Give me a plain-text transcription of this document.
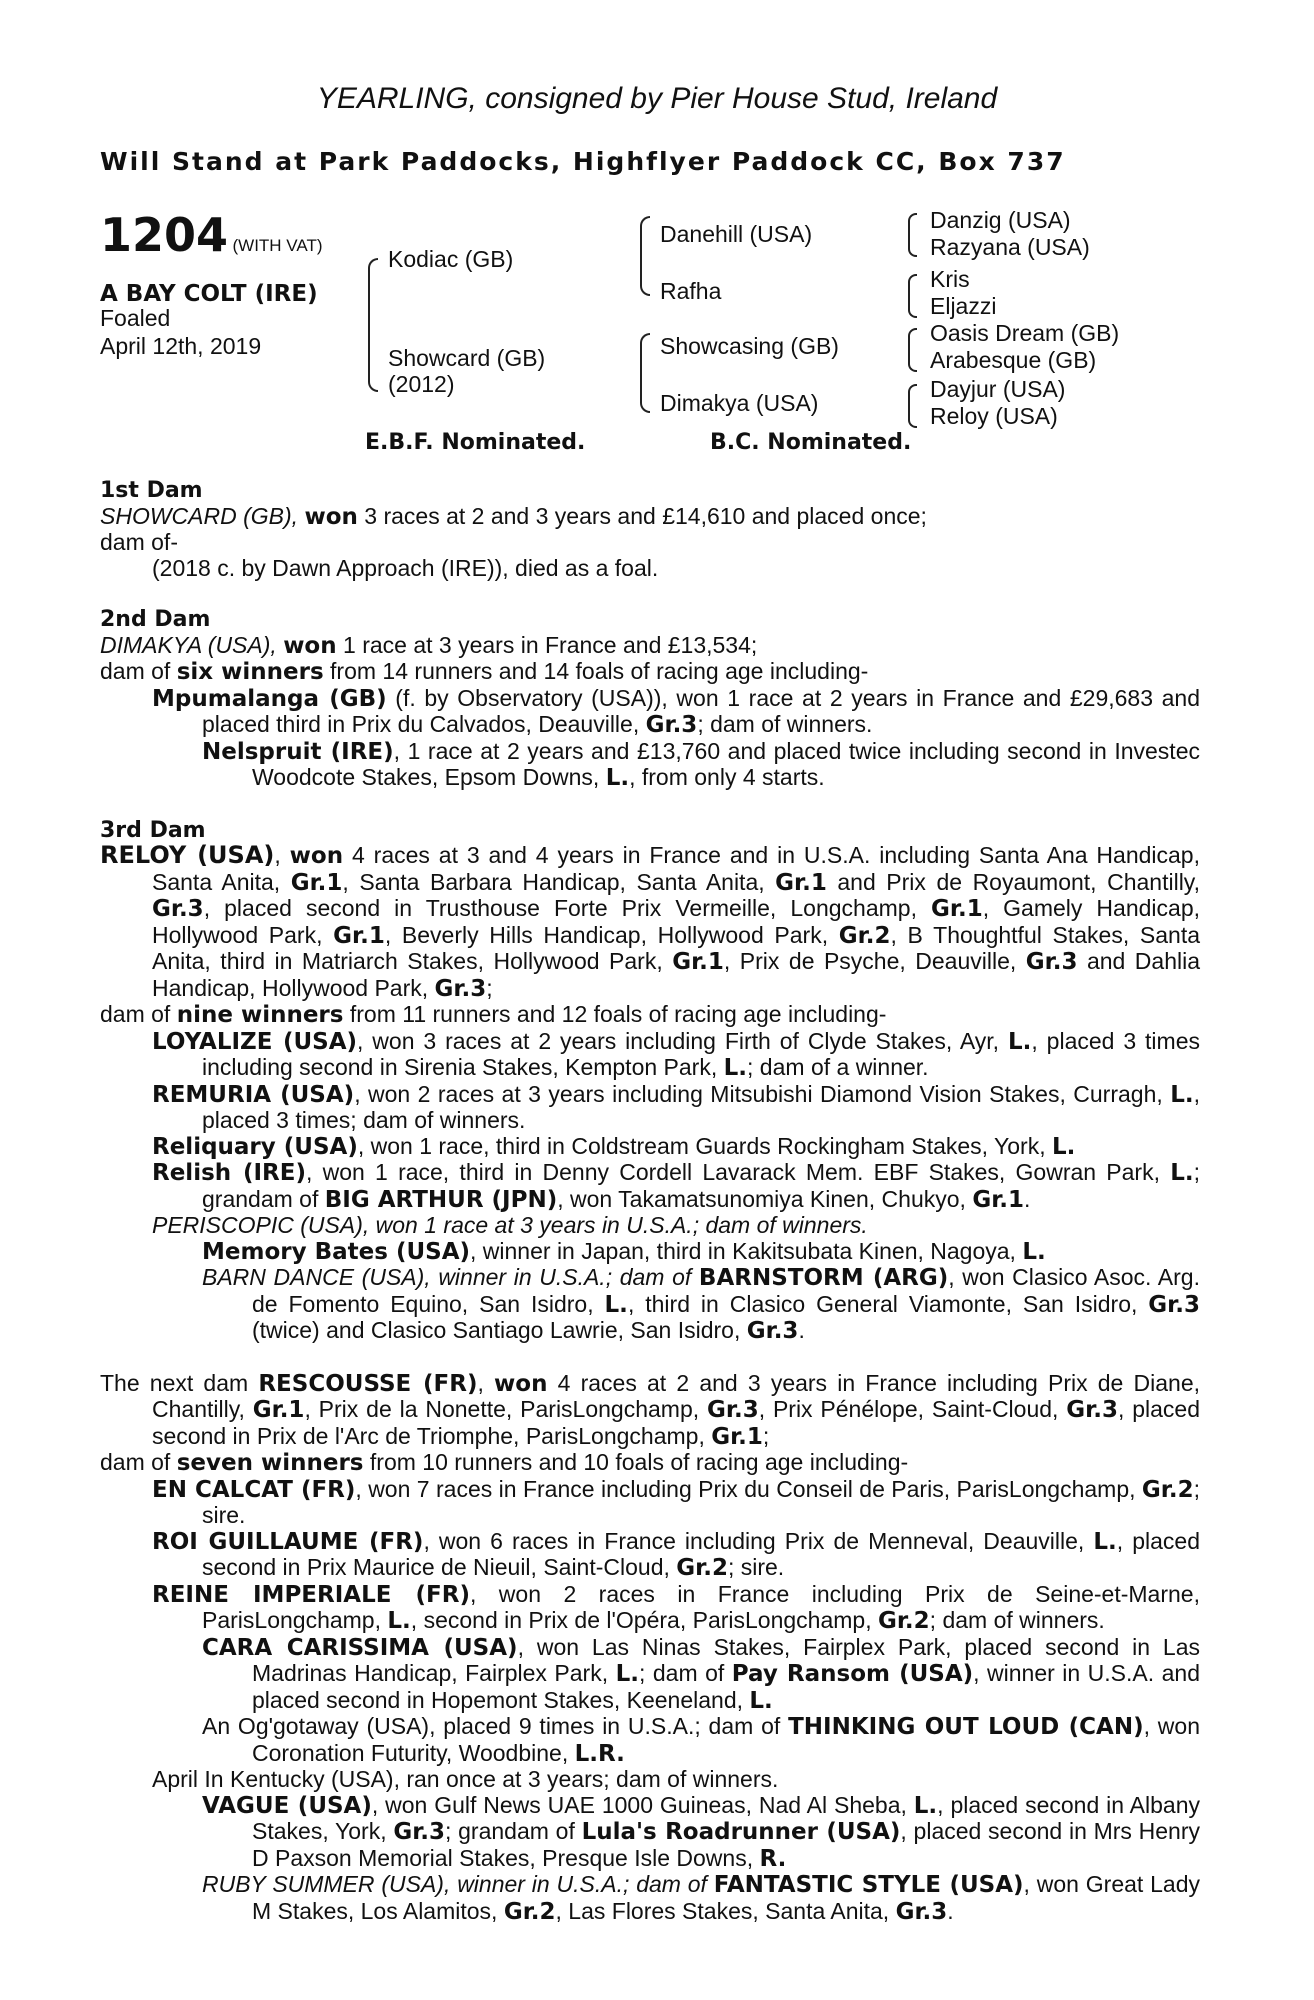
YEARLING, consigned by Pier House Stud, Ireland
Will Stand at Park Paddocks, Highflyer Paddock CC, Box 737
1204 (WITH VAT)
A BAY COLT (IRE)
Foaled
April 12th, 2019
Kodiac (GB)
Showcard (GB)
(2012)
Danehill (USA)
Rafha
Showcasing (GB)
Dimakya (USA)
Danzig (USA)
Razyana (USA)
Kris
Eljazzi
Oasis Dream (GB)
Arabesque (GB)
Dayjur (USA)
Reloy (USA)
E.B.F. Nominated.	B.C. Nominated.
1st Dam
SHOWCARD (GB), won 3 races at 2 and 3 years and £14,610 and placed once;
dam of-
(2018 c. by Dawn Approach (IRE)), died as a foal.
2nd Dam
DIMAKYA (USA), won 1 race at 3 years in France and £13,534;
dam of six winners from 14 runners and 14 foals of racing age including-
Mpumalanga (GB) (f. by Observatory (USA)), won 1 race at 2 years in France and £29,683 and placed third in Prix du Calvados, Deauville, Gr.3; dam of winners.
Nelspruit (IRE), 1 race at 2 years and £13,760 and placed twice including second in Investec Woodcote Stakes, Epsom Downs, L., from only 4 starts.
3rd Dam
RELOY (USA), won 4 races at 3 and 4 years in France and in U.S.A. including Santa Ana Handicap, Santa Anita, Gr.1, Santa Barbara Handicap, Santa Anita, Gr.1 and Prix de Royaumont, Chantilly, Gr.3, placed second in Trusthouse Forte Prix Vermeille, Longchamp, Gr.1, Gamely Handicap, Hollywood Park, Gr.1, Beverly Hills Handicap, Hollywood Park, Gr.2, B Thoughtful Stakes, Santa Anita, third in Matriarch Stakes, Hollywood Park, Gr.1, Prix de Psyche, Deauville, Gr.3 and Dahlia Handicap, Hollywood Park, Gr.3;
dam of nine winners from 11 runners and 12 foals of racing age including-
LOYALIZE (USA), won 3 races at 2 years including Firth of Clyde Stakes, Ayr, L., placed 3 times including second in Sirenia Stakes, Kempton Park, L.; dam of a winner.
REMURIA (USA), won 2 races at 3 years including Mitsubishi Diamond Vision Stakes, Curragh, L., placed 3 times; dam of winners.
Reliquary (USA), won 1 race, third in Coldstream Guards Rockingham Stakes, York, L.
Relish (IRE), won 1 race, third in Denny Cordell Lavarack Mem. EBF Stakes, Gowran Park, L.; grandam of BIG ARTHUR (JPN), won Takamatsunomiya Kinen, Chukyo, Gr.1.
PERISCOPIC (USA), won 1 race at 3 years in U.S.A.; dam of winners.
Memory Bates (USA), winner in Japan, third in Kakitsubata Kinen, Nagoya, L.
BARN DANCE (USA), winner in U.S.A.; dam of BARNSTORM (ARG), won Clasico Asoc. Arg. de Fomento Equino, San Isidro, L., third in Clasico General Viamonte, San Isidro, Gr.3 (twice) and Clasico Santiago Lawrie, San Isidro, Gr.3.
The next dam RESCOUSSE (FR), won 4 races at 2 and 3 years in France including Prix de Diane, Chantilly, Gr.1, Prix de la Nonette, ParisLongchamp, Gr.3, Prix Pénélope, Saint-Cloud, Gr.3, placed second in Prix de l'Arc de Triomphe, ParisLongchamp, Gr.1;
dam of seven winners from 10 runners and 10 foals of racing age including-
EN CALCAT (FR), won 7 races in France including Prix du Conseil de Paris, ParisLongchamp, Gr.2; sire.
ROI GUILLAUME (FR), won 6 races in France including Prix de Menneval, Deauville, L., placed second in Prix Maurice de Nieuil, Saint-Cloud, Gr.2; sire.
REINE IMPERIALE (FR), won 2 races in France including Prix de Seine-et-Marne, ParisLongchamp, L., second in Prix de l'Opéra, ParisLongchamp, Gr.2; dam of winners.
CARA CARISSIMA (USA), won Las Ninas Stakes, Fairplex Park, placed second in Las Madrinas Handicap, Fairplex Park, L.; dam of Pay Ransom (USA), winner in U.S.A. and placed second in Hopemont Stakes, Keeneland, L.
An Og'gotaway (USA), placed 9 times in U.S.A.; dam of THINKING OUT LOUD (CAN), won Coronation Futurity, Woodbine, L.R.
April In Kentucky (USA), ran once at 3 years; dam of winners.
VAGUE (USA), won Gulf News UAE 1000 Guineas, Nad Al Sheba, L., placed second in Albany Stakes, York, Gr.3; grandam of Lula's Roadrunner (USA), placed second in Mrs Henry D Paxson Memorial Stakes, Presque Isle Downs, R.
RUBY SUMMER (USA), winner in U.S.A.; dam of FANTASTIC STYLE (USA), won Great Lady M Stakes, Los Alamitos, Gr.2, Las Flores Stakes, Santa Anita, Gr.3.
